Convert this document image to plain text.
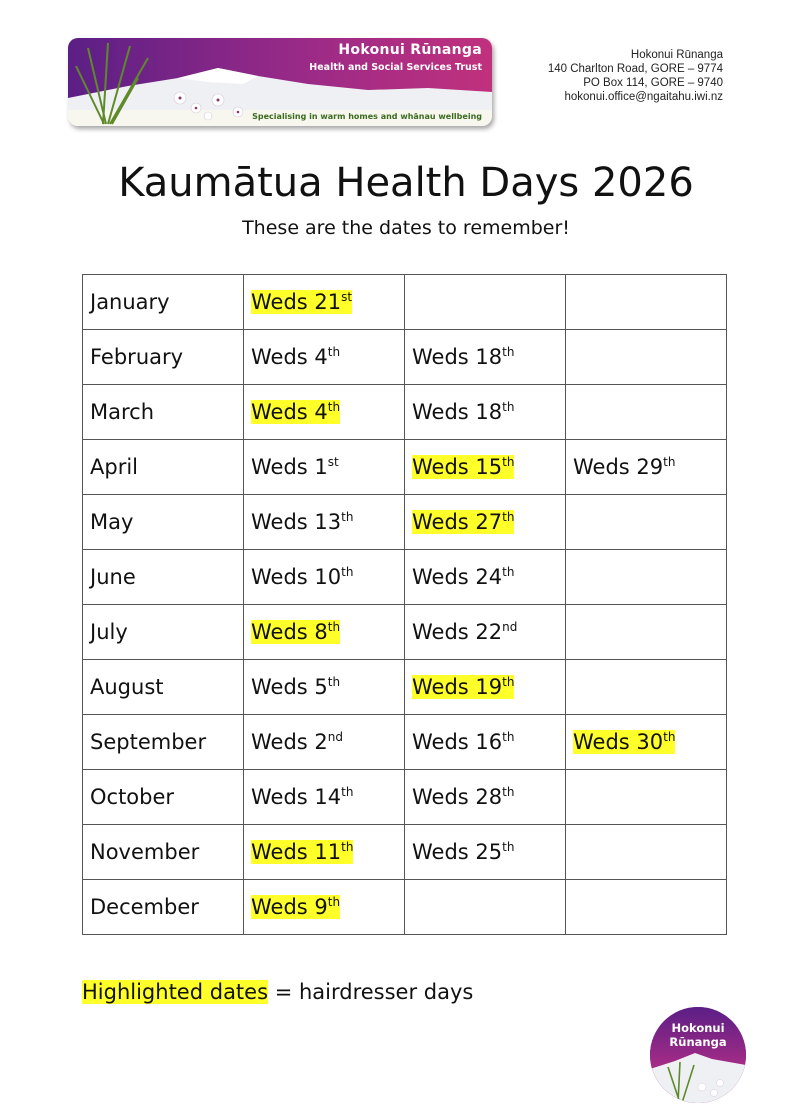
Hokonui Rūnanga
Health and Social Services Trust
Specialising in warm homes and whānau wellbeing
Hokonui Rūnanga
140 Charlton Road, GORE – 9774
PO Box 114, GORE – 9740
hokonui.office@ngaitahu.iwi.nz
Kaumātua Health Days 2026
These are the dates to remember!
January	Weds 21st		
February	Weds 4th	Weds 18th	
March	Weds 4th	Weds 18th	
April	Weds 1st	Weds 15th	Weds 29th
May	Weds 13th	Weds 27th	
June	Weds 10th	Weds 24th	
July	Weds 8th	Weds 22nd	
August	Weds 5th	Weds 19th	
September	Weds 2nd	Weds 16th	Weds 30th
October	Weds 14th	Weds 28th	
November	Weds 11th	Weds 25th	
December	Weds 9th		
Highlighted dates = hairdresser days
Hokonui
Rūnanga
